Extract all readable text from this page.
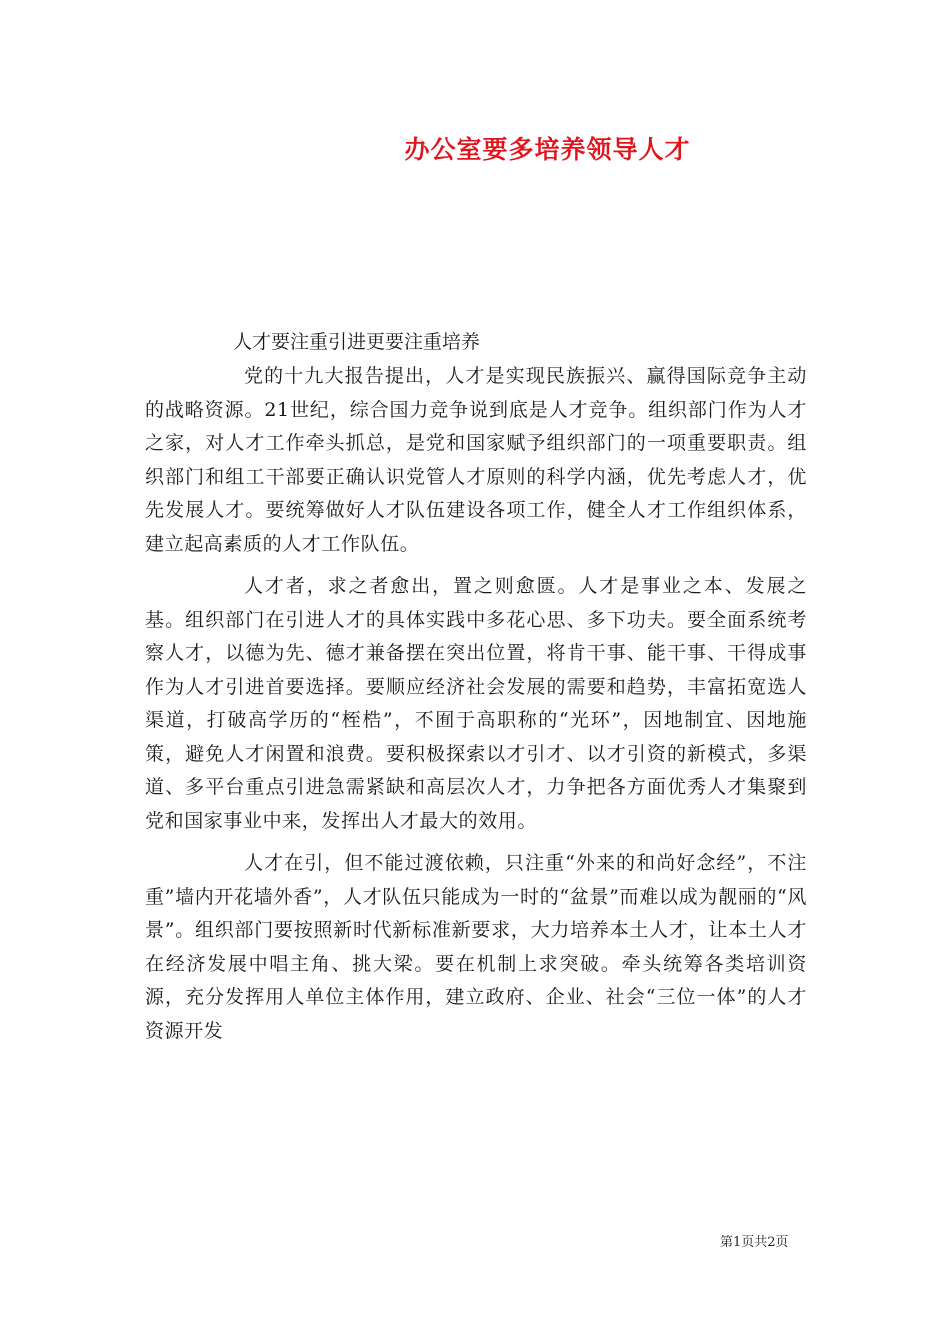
办公室要多培养领导人才

人才要注重引进更要注重培养

党的十九大报告提出，人才是实现民族振兴、赢得国际竞争主动的战略资源。21世纪，综合国力竞争说到底是人才竞争。组织部门作为人才之家，对人才工作牵头抓总，是党和国家赋予组织部门的一项重要职责。组织部门和组工干部要正确认识党管人才原则的科学内涵，优先考虑人才，优先发展人才。要统筹做好人才队伍建设各项工作，健全人才工作组织体系，建立起高素质的人才工作队伍。

人才者，求之者愈出，置之则愈匮。人才是事业之本、发展之基。组织部门在引进人才的具体实践中多花心思、多下功夫。要全面系统考察人才，以德为先、德才兼备摆在突出位置，将肯干事、能干事、干得成事作为人才引进首要选择。要顺应经济社会发展的需要和趋势，丰富拓宽选人渠道，打破高学历的“桎梏”，不囿于高职称的“光环”，因地制宜、因地施策，避免人才闲置和浪费。要积极探索以才引才、以才引资的新模式，多渠道、多平台重点引进急需紧缺和高层次人才，力争把各方面优秀人才集聚到党和国家事业中来，发挥出人才最大的效用。

人才在引，但不能过渡依赖，只注重“外来的和尚好念经”，不注重”墙内开花墙外香”，人才队伍只能成为一时的“盆景”而难以成为靓丽的“风景”。组织部门要按照新时代新标准新要求，大力培养本土人才，让本土人才在经济发展中唱主角、挑大梁。要在机制上求突破。牵头统筹各类培训资源，充分发挥用人单位主体作用，建立政府、企业、社会“三位一体”的人才资源开发

第1页共2页
